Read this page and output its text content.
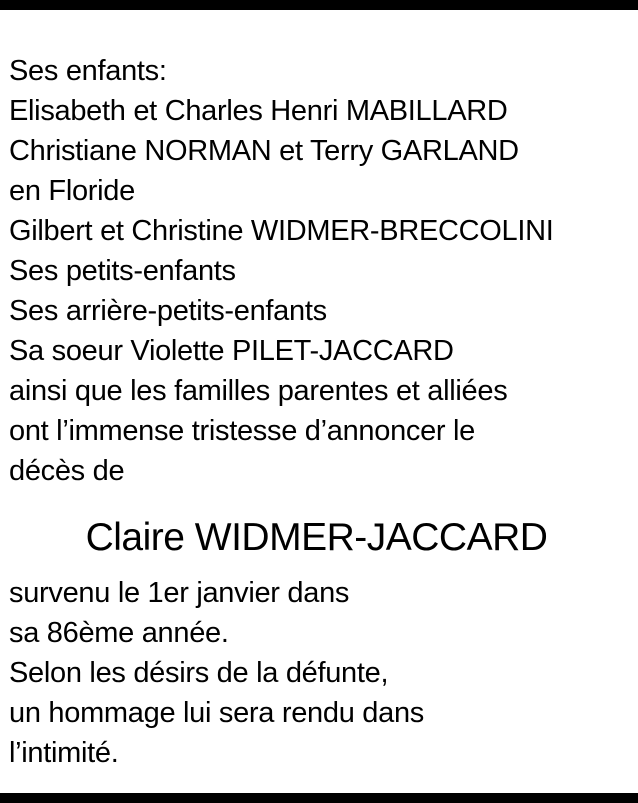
Ses enfants:
Elisabeth et Charles Henri MABILLARD
Christiane NORMAN et Terry GARLAND
en Floride
Gilbert et Christine WIDMER-BRECCOLINI
Ses petits-enfants
Ses arrière-petits-enfants
Sa soeur Violette PILET-JACCARD
ainsi que les familles parentes et alliées
ont l’immense tristesse d’annoncer le
décès de
Claire WIDMER-JACCARD
survenu le 1er janvier dans
sa 86ème année.
Selon les désirs de la défunte,
un hommage lui sera rendu dans
l’intimité.
